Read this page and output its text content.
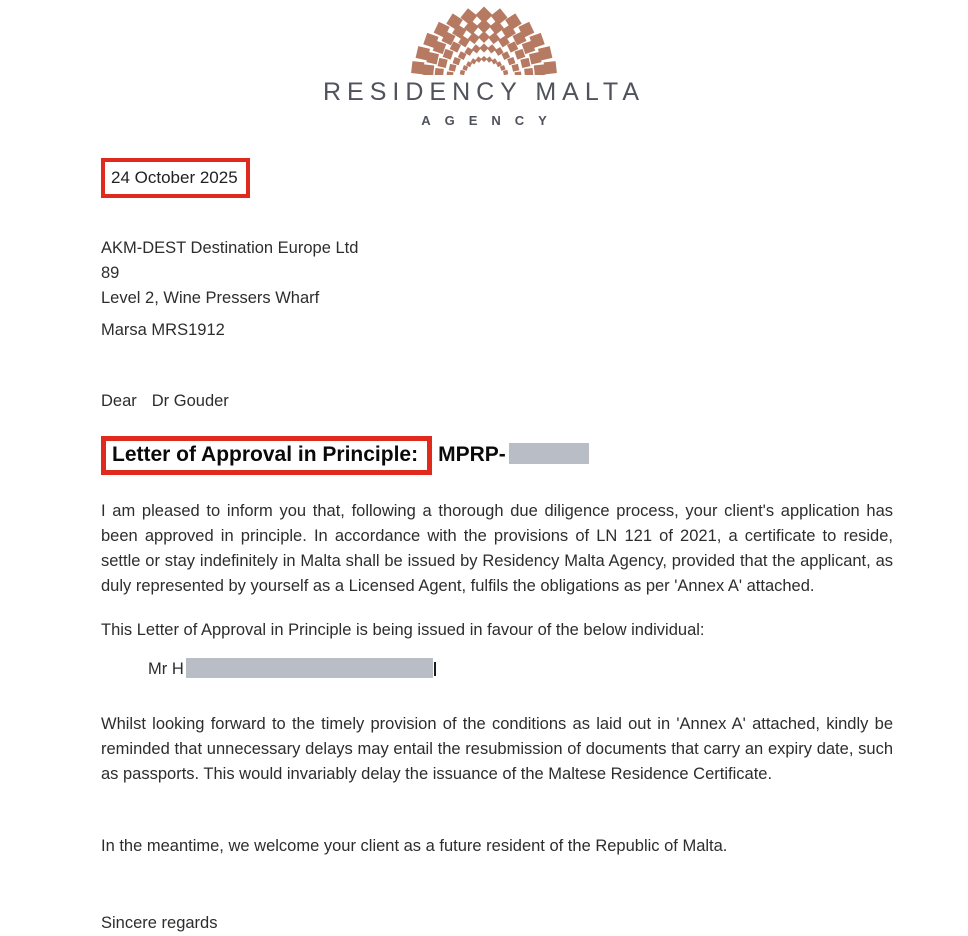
RESIDENCY MALTA
AGENCY
24 October 2025
AKM-DEST Destination Europe Ltd
89
Level 2, Wine Pressers Wharf
Marsa MRS1912
Dear Dr Gouder
Letter of Approval in Principle: MPRP-

I am pleased to inform you that, following a thorough due diligence process, your client's application has been approved in principle. In accordance with the provisions of LN 121 of 2021, a certificate to reside, settle or stay indefinitely in Malta shall be issued by Residency Malta Agency, provided that the applicant, as duly represented by yourself as a Licensed Agent, fulfils the obligations as per 'Annex A' attached.

This Letter of Approval in Principle is being issued in favour of the below individual:

Mr H

Whilst looking forward to the timely provision of the conditions as laid out in 'Annex A' attached, kindly be reminded that unnecessary delays may entail the resubmission of documents that carry an expiry date, such as passports. This would invariably delay the issuance of the Maltese Residence Certificate.

In the meantime, we welcome your client as a future resident of the Republic of Malta.

Sincere regards
